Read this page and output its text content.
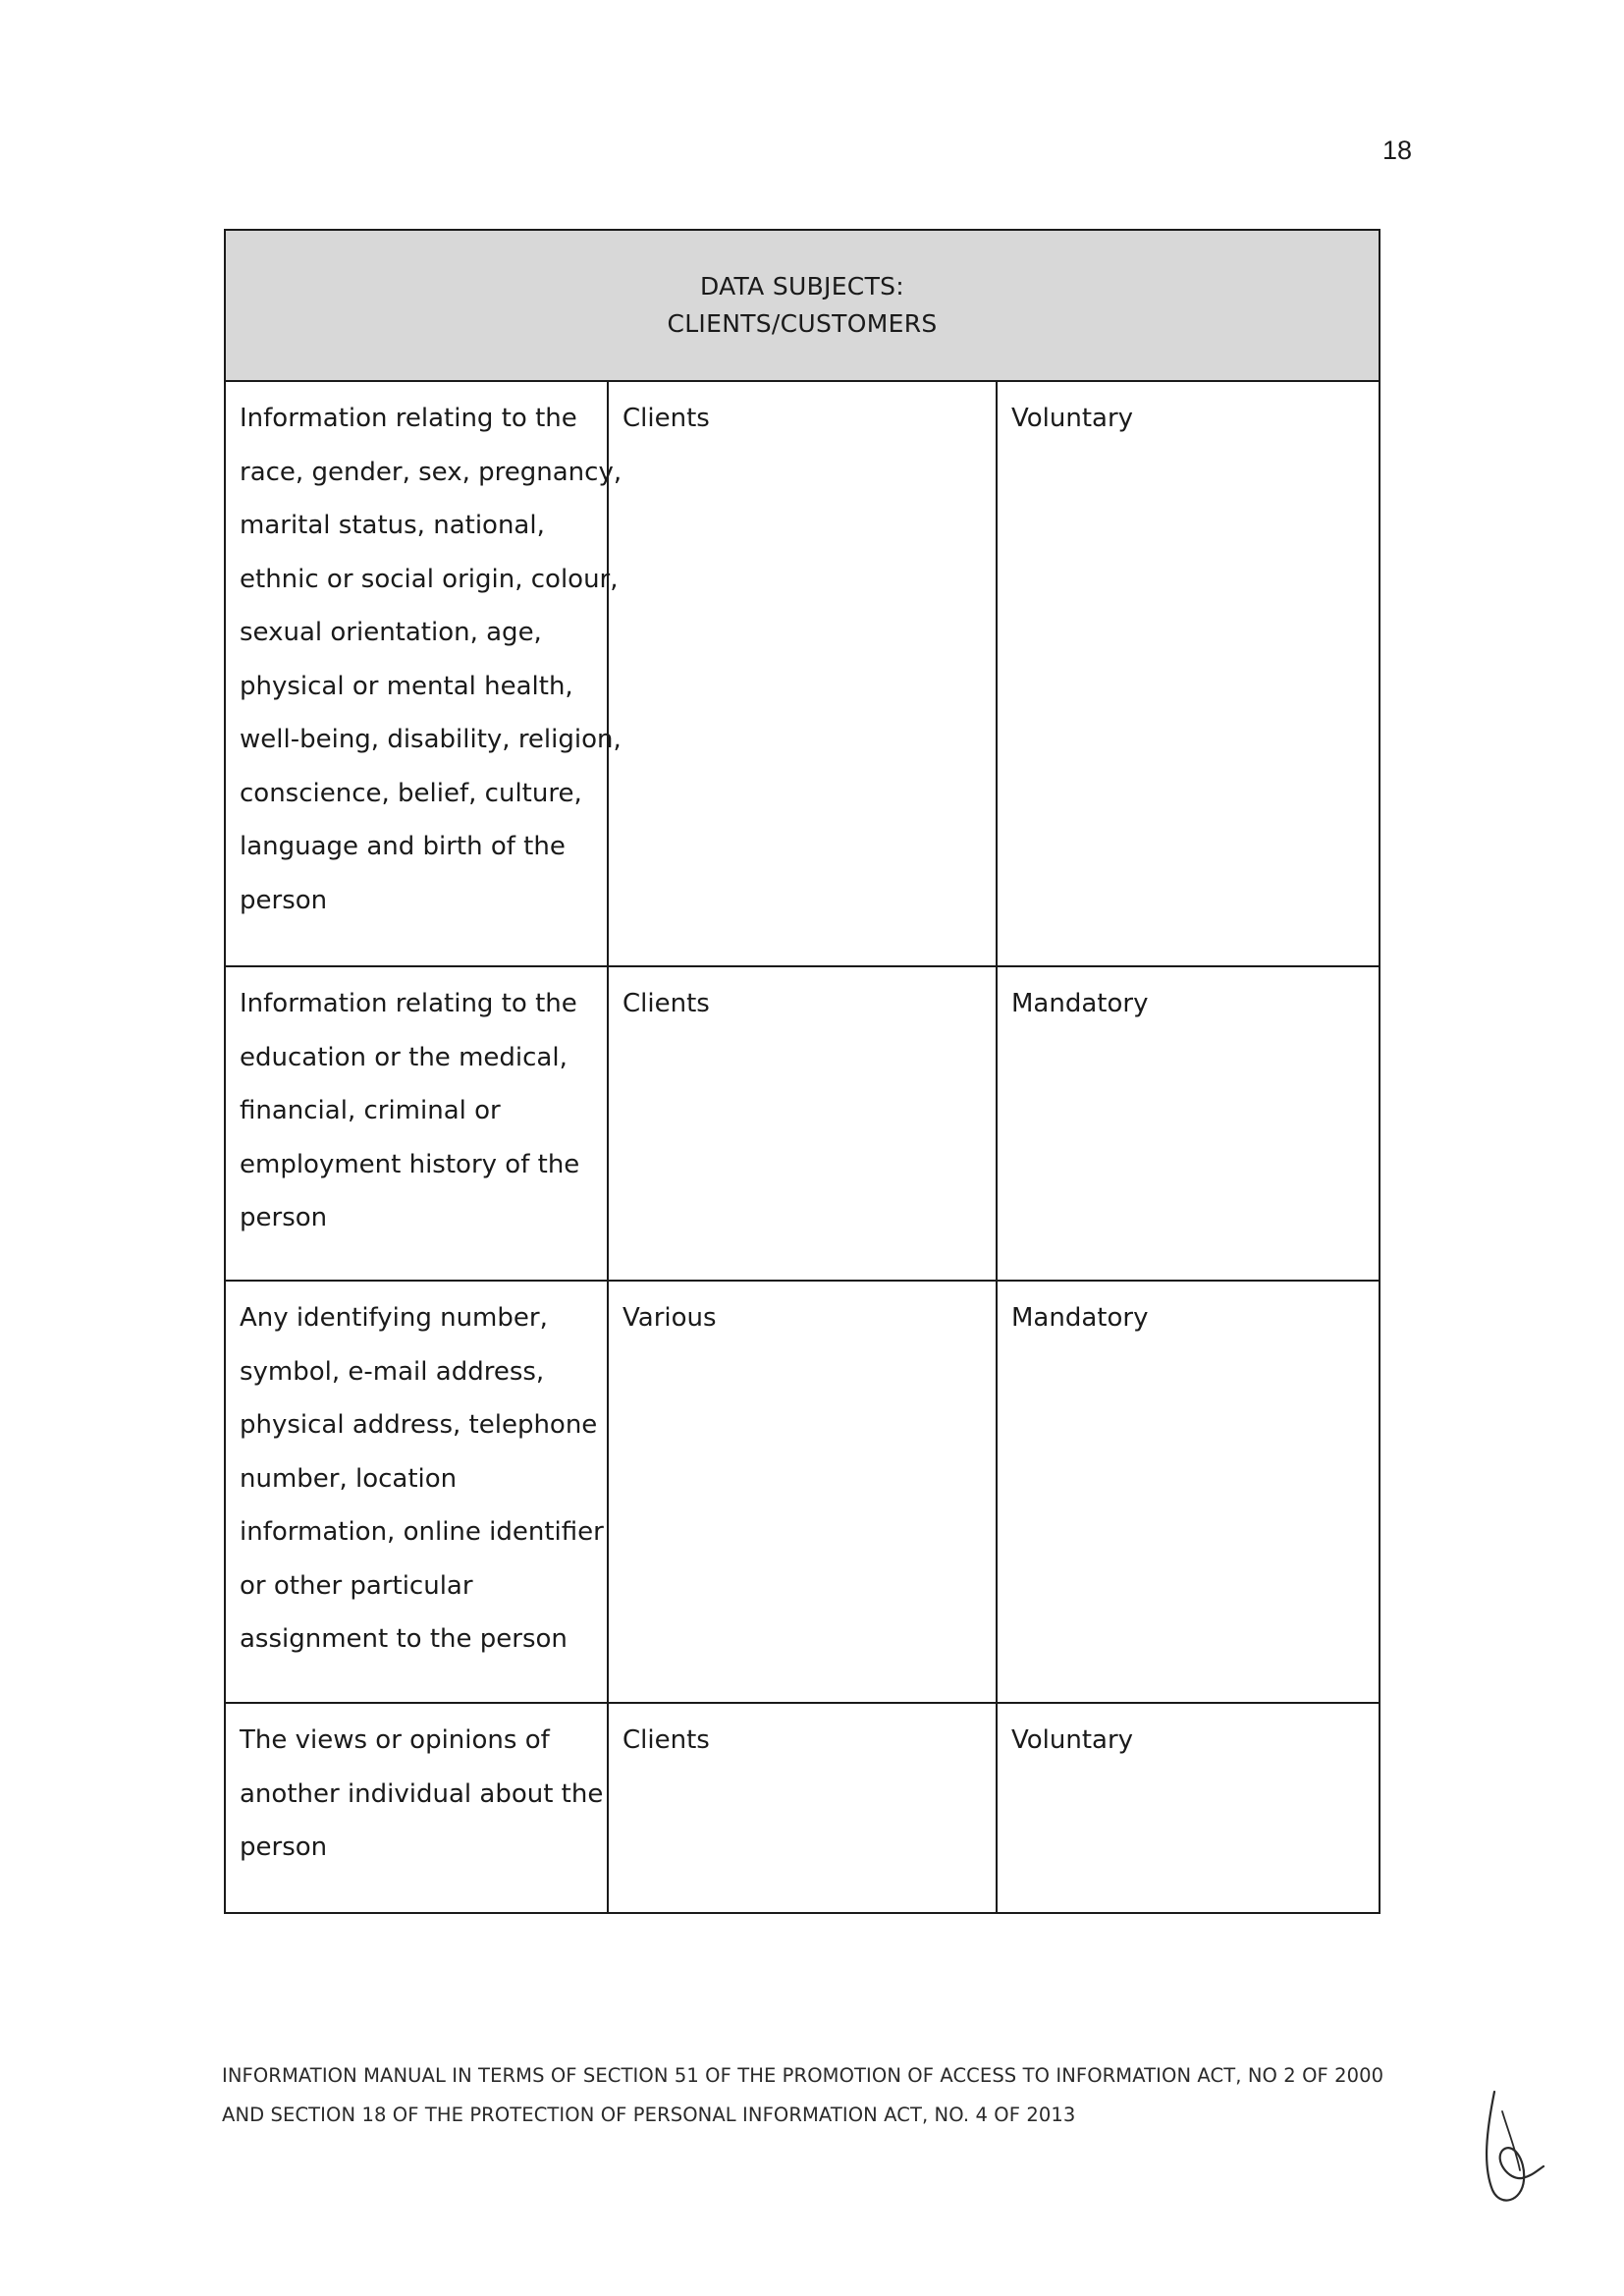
18
DATA SUBJECTS:
CLIENTS/CUSTOMERS
Information relating to the
race, gender, sex, pregnancy,
marital status, national,
ethnic or social origin, colour,
sexual orientation, age,
physical or mental health,
well-being, disability, religion,
conscience, belief, culture,
language and birth of the
person
Clients	Voluntary
Information relating to the
education or the medical,
financial, criminal or
employment history of the
person
Clients	Mandatory
Any identifying number,
symbol, e-mail address,
physical address, telephone
number, location
information, online identifier
or other particular
assignment to the person
Various	Mandatory
The views or opinions of
another individual about the
person
Clients	Voluntary
INFORMATION MANUAL IN TERMS OF SECTION 51 OF THE PROMOTION OF ACCESS TO INFORMATION ACT, NO 2 OF 2000
AND SECTION 18 OF THE PROTECTION OF PERSONAL INFORMATION ACT, NO. 4 OF 2013
